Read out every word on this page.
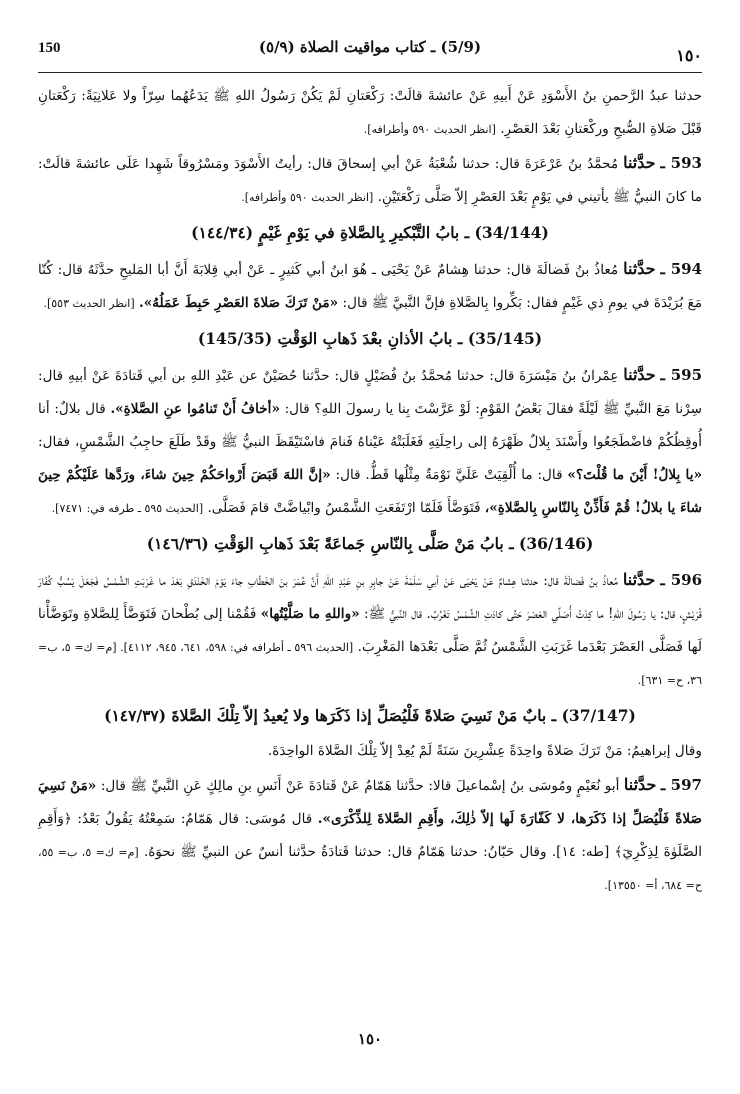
150	(5/9) ـ كتاب مواقيت الصلاة (٥/٩)	١٥٠

حدثنا عبدُ الرَّحمنِ بنُ الأَسْوَدِ عَنْ أَبيهِ عَنْ عائشةَ قالَتْ: رَكْعَتانِ لَمْ يَكُنْ رَسُولُ اللهِ ﷺ يَدَعُهُما سِرّاً ولا عَلانِيَةً: رَكْعَتانِ قَبْلَ صَلاةِ الصُّبحِ وركْعَتانِ بَعْدَ العَصْرِ. [انظر الحديث ٥٩٠ وأطرافه].

593 ـ حدَّثنا مُحمَّدُ بنُ عَرْعَرَةَ قال: حدثنا شُعْبَةُ عَنْ أبي إسحاقَ قال: رأيتُ الأَسْوَدَ ومَسْرُوقاً شَهِدا عَلَى عائشةَ قالَتْ: ما كانَ النبيُّ ﷺ يأتيني في يَوْمٍ بَعْدَ العَصْرِ إلاّ صَلَّى رَكْعَتَيْنِ. [انظر الحديث ٥٩٠ وأطرافه].

(34/144) ـ بابُ التَّبْكيرِ بِالصَّلاةِ في يَوْمِ غَيْمٍ (١٤٤/٣٤)

594 ـ حدَّثنا مُعاذُ بنُ فَضالَةَ قال: حدثنا هِشامٌ عَنْ يَحْيَى ـ هُوَ ابنُ أبي كَثيرٍ ـ عَنْ أبي قِلابَةَ أَنَّ أبا المَليحِ حدَّثَهُ قال: كُنّا مَعَ بُرَيْدَةَ في يومِ ذي غَيْمٍ فقال: بَكِّروا بِالصَّلاةِ فإنَّ النَّبيَّ ﷺ قال: «مَنْ تَرَكَ صَلاةَ العَصْرِ حَبِطَ عَمَلُهُ». [انظر الحديث ٥٥٣].

(35/145) ـ بابُ الأذانِ بعْدَ ذَهابِ الوَقْتِ (145/35)

595 ـ حدَّثنا عِمْرانُ بنُ مَيْسَرَةَ قال: حدثنا مُحمَّدُ بنُ فُضَيْلٍ قال: حدَّثنا حُصَيْنٌ عن عَبْدِ اللهِ بن أبي قَتادَةَ عَنْ أبيهِ قال: سِرْنا مَعَ النَّبيِّ ﷺ لَيْلَةً فقالَ بَعْضُ القَوْمِ: لَوْ عَرَّسْتَ بِنا يا رسولَ اللهِ؟ قال: «أخافُ أَنْ تَنامُوا عنِ الصَّلاةِ». قال بلالٌ: أنا أُوقِظُكُمْ فاضْطَجَعُوا وأَسْنَدَ بِلالٌ ظَهْرَهُ إلى راحِلَتِهِ فَغَلَبَتْهُ عَيْناهُ فَنامَ فاسْتَيْقَظَ النبيُّ ﷺ وقَدْ طَلَعَ حاجِبُ الشَّمْسِ، فقال: «يا بِلالُ! أَيْنَ ما قُلْتَ؟» قال: ما أُلْقِيَتْ عَلَيَّ نَوْمَةٌ مِثْلُها قَطُّ. قال: «إنَّ اللهَ قَبَضَ أَرْواحَكُمْ حِينَ شاءَ، ورَدَّها عَلَيْكُمْ حِينَ شاءَ يا بلالُ! قُمْ فَأَذِّنْ بِالنّاسِ بِالصَّلاةِ»، فَتَوَضَّأَ فَلَمّا ارْتَفَعَتِ الشَّمْسُ وابْياضَّتْ قامَ فَصَلَّى. [الحديث ٥٩٥ ـ طرفه في: ٧٤٧١].

(36/146) ـ بابُ مَنْ صَلَّى بِالنّاسِ جَماعَةً بَعْدَ ذَهابِ الوَقْتِ (١٤٦/٣٦)

596 ـ حدَّثنا مُعاذُ بنُ فَضالَةَ قال: حدثنا هِشامٌ عَنْ يَحْيَى عَنْ أبي سَلَمَةَ عَنْ جابِرِ بنِ عَبْدِ اللهِ أَنَّ عُمَرَ بنَ الخَطّابِ جاءَ يَوْمَ الخَنْدَقِ بَعْدَ ما غَرَبَتِ الشَّمْسُ فَجَعَلَ يَسُبُّ كُفّارَ قُرَيْشٍ، قال: يا رَسُولَ اللهِ! ما كِدْتُ أُصَلِّي العَصْرَ حَتَّى كادَتِ الشَّمْسُ تَغْرُبُ. قال النَّبيُّ ﷺ: «واللهِ ما صَلَّيْتُها» فَقُمْنا إلى بُطْحانَ فَتَوَضَّأَ لِلصَّلاةِ وتَوَضَّأْنا لَها فَصَلَّى العَصْرَ بَعْدَما غَرَبَتِ الشَّمْسُ ثُمَّ صَلَّى بَعْدَها المَغْرِبَ. [الحديث ٥٩٦ ـ أطرافه في: ٥٩٨، ٦٤١، ٩٤٥، ٤١١٢]. [م= ك= ٥، ب= ٣٦، ح= ٦٣١].

(37/147) ـ بابٌ مَنْ نَسِيَ صَلاةً فَلْيُصَلِّ إذا ذَكَرَها ولا يُعيدُ إلاّ تِلْكَ الصَّلاةَ (١٤٧/٣٧)

وقال إبراهيمُ: مَنْ تَرَكَ صَلاةً واحِدَةً عِشْرِينَ سَنَةً لَمْ يُعِدْ إلاّ تِلْكَ الصَّلاةَ الواحِدَةَ.

597 ـ حدَّثنا أبو نُعَيْمٍ ومُوسَى بنُ إسْماعيلَ قالا: حدَّثنا هَمّامٌ عَنْ قَتادَةَ عَنْ أَنَسِ بنِ مالِكٍ عَنِ النَّبيِّ ﷺ قال: «مَنْ نَسِيَ صَلاةً فَلْيُصَلِّ إذا ذَكَرَها، لا كَفّارَةَ لَها إلاّ ذٰلِكَ، وأَقِمِ الصَّلاةَ لِلذِّكْرَى». قال مُوسَى: قال هَمّامٌ: سَمِعْتُهُ يَقُولُ بَعْدُ: ﴿وَأَقِمِ الصَّلَوٰةَ لِذِكْرِيٓ﴾ [طه: ١٤]. وقال حَبّانُ: حدثنا هَمّامٌ قال: حدثنا قَتادَةُ حدَّثنا أنسٌ عن النبيِّ ﷺ نحوَهُ. [م= ك= ٥، ب= ٥٥، ح= ٦٨٤، أ= ١٣٥٥٠].

١٥٠
